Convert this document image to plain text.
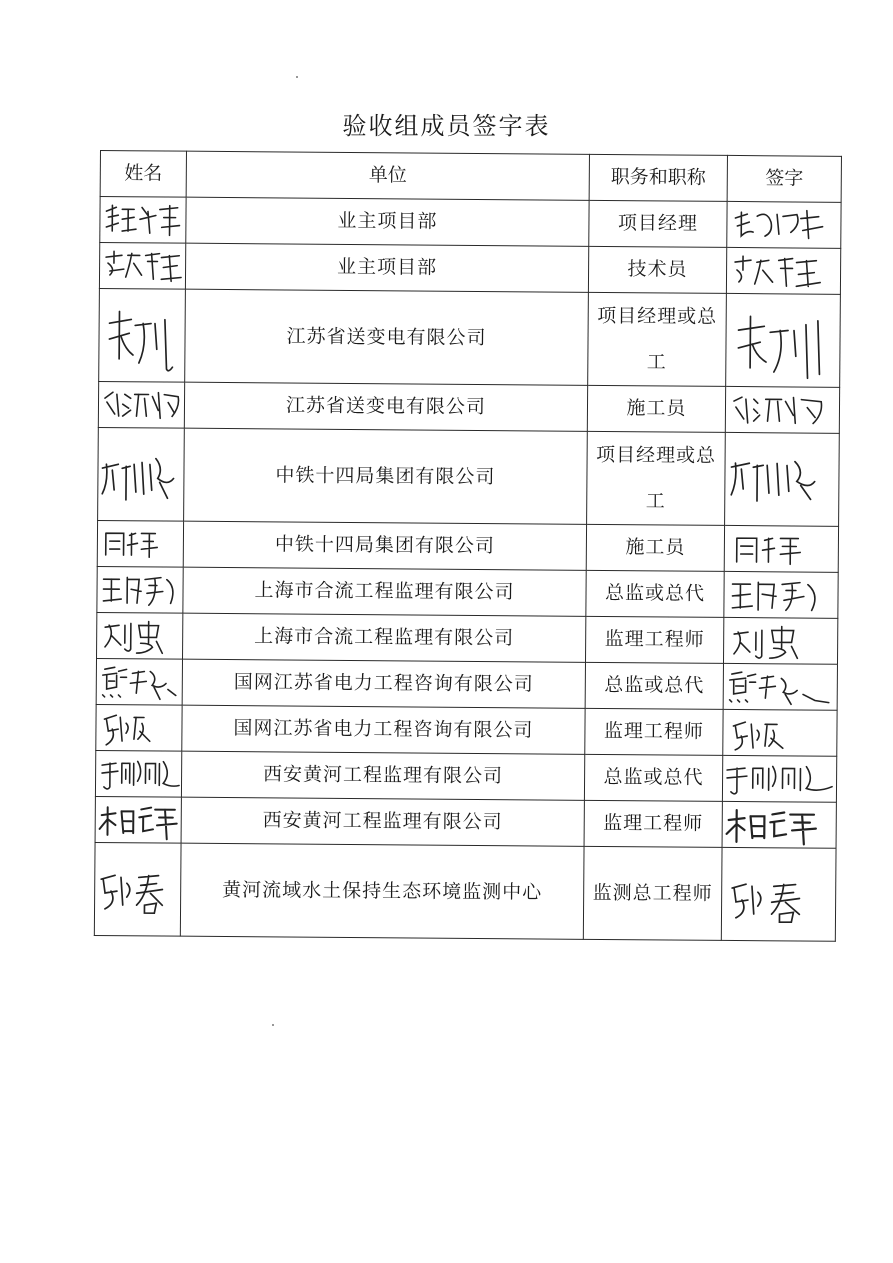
验收组成员签字表
姓名	单位	职务和职称	签字

	业主项目部	项目经理	

	业主项目部	技术员	

	江苏省送变电有限公司	项目经理或总工	

	江苏省送变电有限公司	施工员	

	中铁十四局集团有限公司	项目经理或总工	

	中铁十四局集团有限公司	施工员	

	上海市合流工程监理有限公司	总监或总代	

	上海市合流工程监理有限公司	监理工程师	

	国网江苏省电力工程咨询有限公司	总监或总代	

	国网江苏省电力工程咨询有限公司	监理工程师	

	西安黄河工程监理有限公司	总监或总代	

	西安黄河工程监理有限公司	监理工程师	

	黄河流域水土保持生态环境监测中心	监测总工程师	
